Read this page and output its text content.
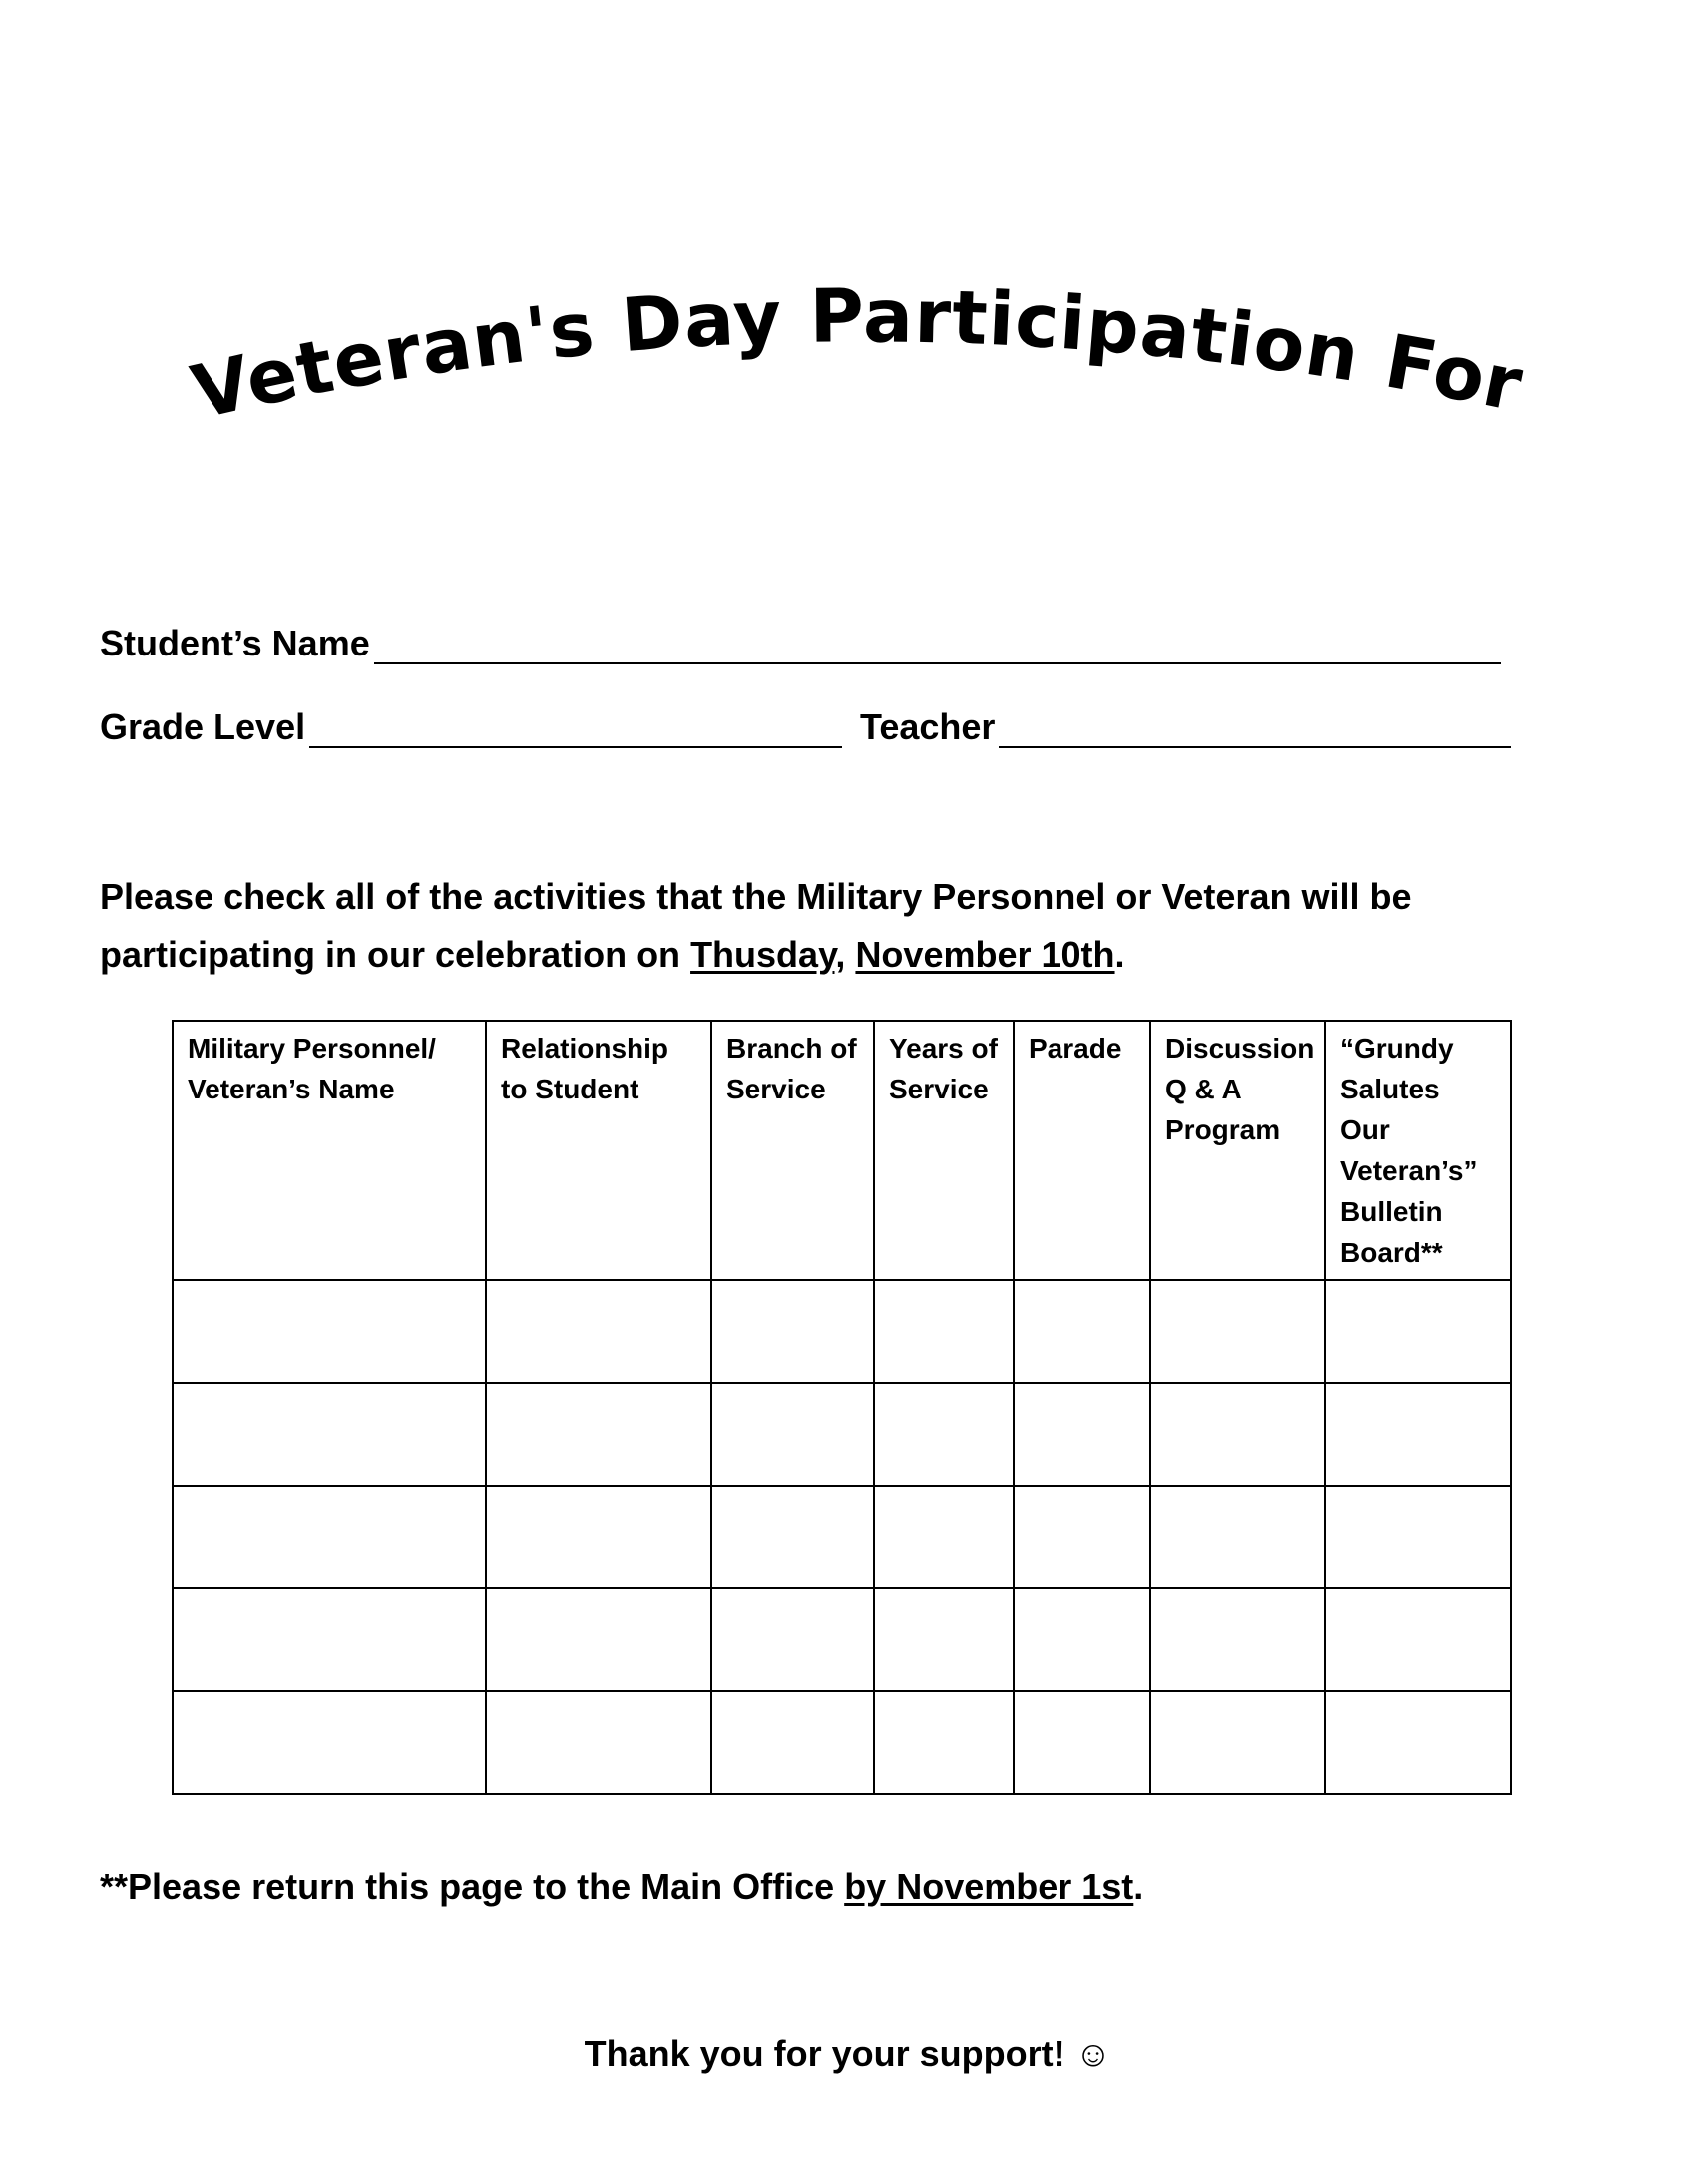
Veteran's Day Participation For
Student’s Name
Grade Level	Teacher
Please check all of the activities that the Military Personnel or Veteran will be participating in our celebration on Thusday, November 10th.
Military Personnel/ Veteran’s Name	Relationship to Student	Branch of Service	Years of Service	Parade	Discussion Q & A Program	“Grundy Salutes Our Veteran’s” Bulletin Board**

**Please return this page to the Main Office by November 1st.
Thank you for your support! ☺
